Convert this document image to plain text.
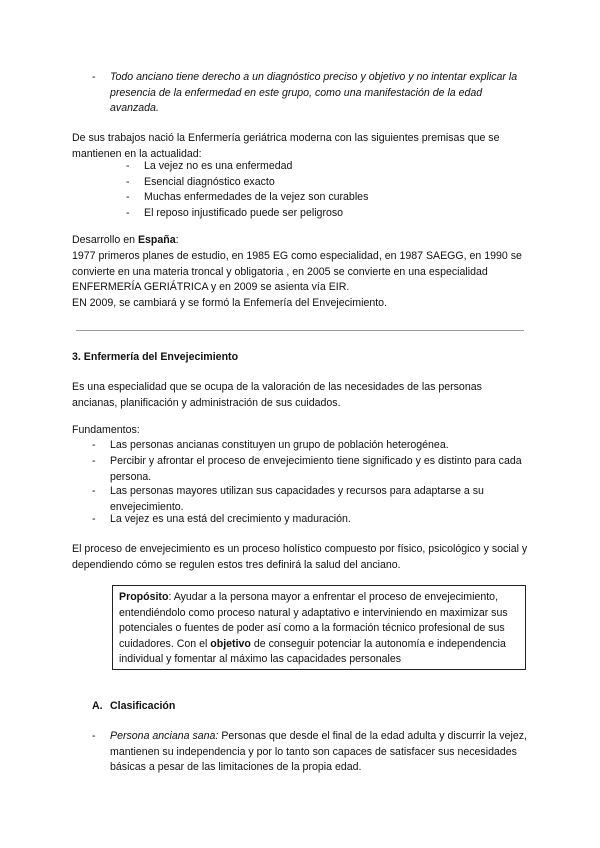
- Todo anciano tiene derecho a un diagnóstico preciso y objetivo y no intentar explicar la presencia de la enfermedad en este grupo, como una manifestación de la edad avanzada.
De sus trabajos nació la Enfermería geriátrica moderna con las siguientes premisas que se mantienen en la actualidad:
- La vejez no es una enfermedad
- Esencial diagnóstico exacto
- Muchas enfermedades de la vejez son curables
- El reposo injustificado puede ser peligroso
Desarrollo en España:
1977 primeros planes de estudio, en 1985 EG como especialidad, en 1987 SAEGG, en 1990 se convierte en una materia troncal y obligatoria , en 2005 se convierte en una especialidad ENFERMERÍA GERIÁTRICA y en 2009 se asienta vía EIR.
EN 2009, se cambiará y se formó la Enfemería del Envejecimiento.
3. Enfermería del Envejecimiento
Es una especialidad que se ocupa de la valoración de las necesidades de las personas ancianas, planificación y administración de sus cuidados.
Fundamentos:
- Las personas ancianas constituyen un grupo de población heterogénea.
- Percibir y afrontar el proceso de envejecimiento tiene significado y es distinto para cada persona.
- Las personas mayores utilizan sus capacidades y recursos para adaptarse a su envejecimiento.
- La vejez es una está del crecimiento y maduración.
El proceso de envejecimiento es un proceso holístico compuesto por físico, psicológico y social y dependiendo cómo se regulen estos tres definirá la salud del anciano.
Propósito: Ayudar a la persona mayor a enfrentar el proceso de envejecimiento, entendiéndolo como proceso natural y adaptativo e interviniendo en maximizar sus potenciales o fuentes de poder así como a la formación técnico profesional de sus cuidadores. Con el objetivo de conseguir potenciar la autonomía e independencia individual y fomentar al máximo las capacidades personales
A. Clasificación
- Persona anciana sana: Personas que desde el final de la edad adulta y discurrir la vejez, mantienen su independencia y por lo tanto son capaces de satisfacer sus necesidades básicas a pesar de las limitaciones de la propia edad.
